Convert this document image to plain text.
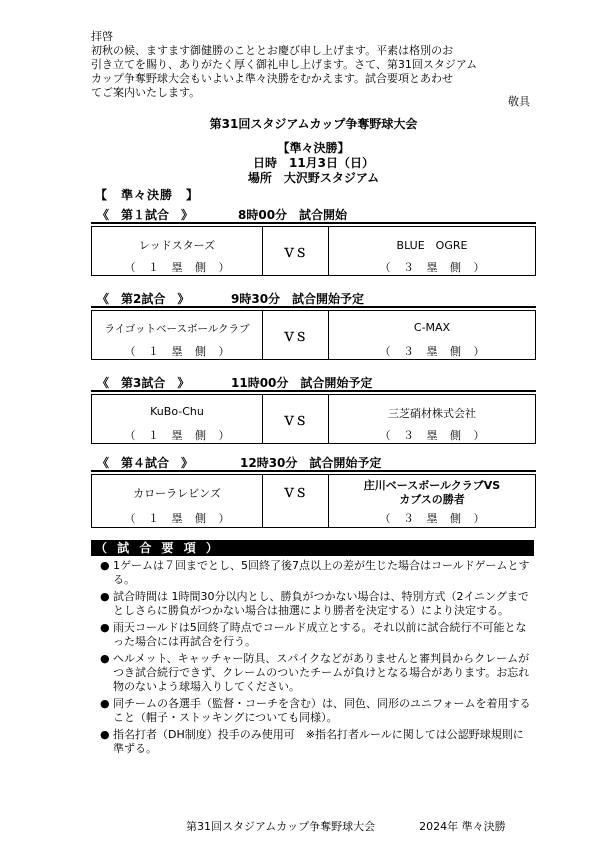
拝啓

初秋の候、ますます御健勝のこととお慶び申し上げます。平素は格別のお

引き立てを賜り、ありがたく厚く御礼申し上げます。さて、第31回スタジアム

カップ争奪野球大会もいよいよ準々決勝をむかえます。試合要項とあわせ

てご案内いたします。

敬具
第31回スタジアムカップ争奪野球大会
【準々決勝】
日時　11月3日（日）
場所　大沢野スタジアム
【　準々決勝　】
《　第１試合　》	8時00分　試合開始
レッドスターズ
（ １ 塁 側 ）
ＶＳ
BLUE　OGRE
（ ３ 塁 側 ）
《　第2試合　》	9時30分　試合開始予定
ライゴットベースボールクラブ
（ １ 塁 側 ）
ＶＳ
C-MAX
（ ３ 塁 側 ）
《　第3試合　》	11時00分　試合開始予定
KuBo-Chu
（ １ 塁 側 ）
ＶＳ
三芝硝材株式会社
（ ３ 塁 側 ）
《　第４試合　》	12時30分　試合開始予定
カローラレビンズ
（ １ 塁 側 ）
ＶＳ
庄川ベースボールクラブVS
カブスの勝者
（ ３ 塁 側 ）
（ 試 合 要 項 ）
● 1ゲームは７回までとし、5回終了後7点以上の差が生じた場合はコールドゲームとする。
● 試合時間は 1時間30分以内とし、勝負がつかない場合は、特別方式（2イニングまでとしさらに勝負がつかない場合は抽選により勝者を決定する）により決定する。
● 雨天コールドは5回終了時点でコールド成立とする。それ以前に試合続行不可能となった場合には再試合を行う。
● ヘルメット、キャッチャー防具、スパイクなどがありませんと審判員からクレームがつき試合続行できず、クレームのついたチームが負けとなる場合があります。お忘れ物のないよう球場入りしてください。
● 同チームの各選手（監督・コーチを含む）は、同色、同形のユニフォームを着用すること（帽子・ストッキングについても同様）。
● 指名打者（DH制度）投手のみ使用可　※指名打者ルールに関しては公認野球規則に準ずる。
第31回スタジアムカップ争奪野球大会　　　　	2024年 準々決勝
